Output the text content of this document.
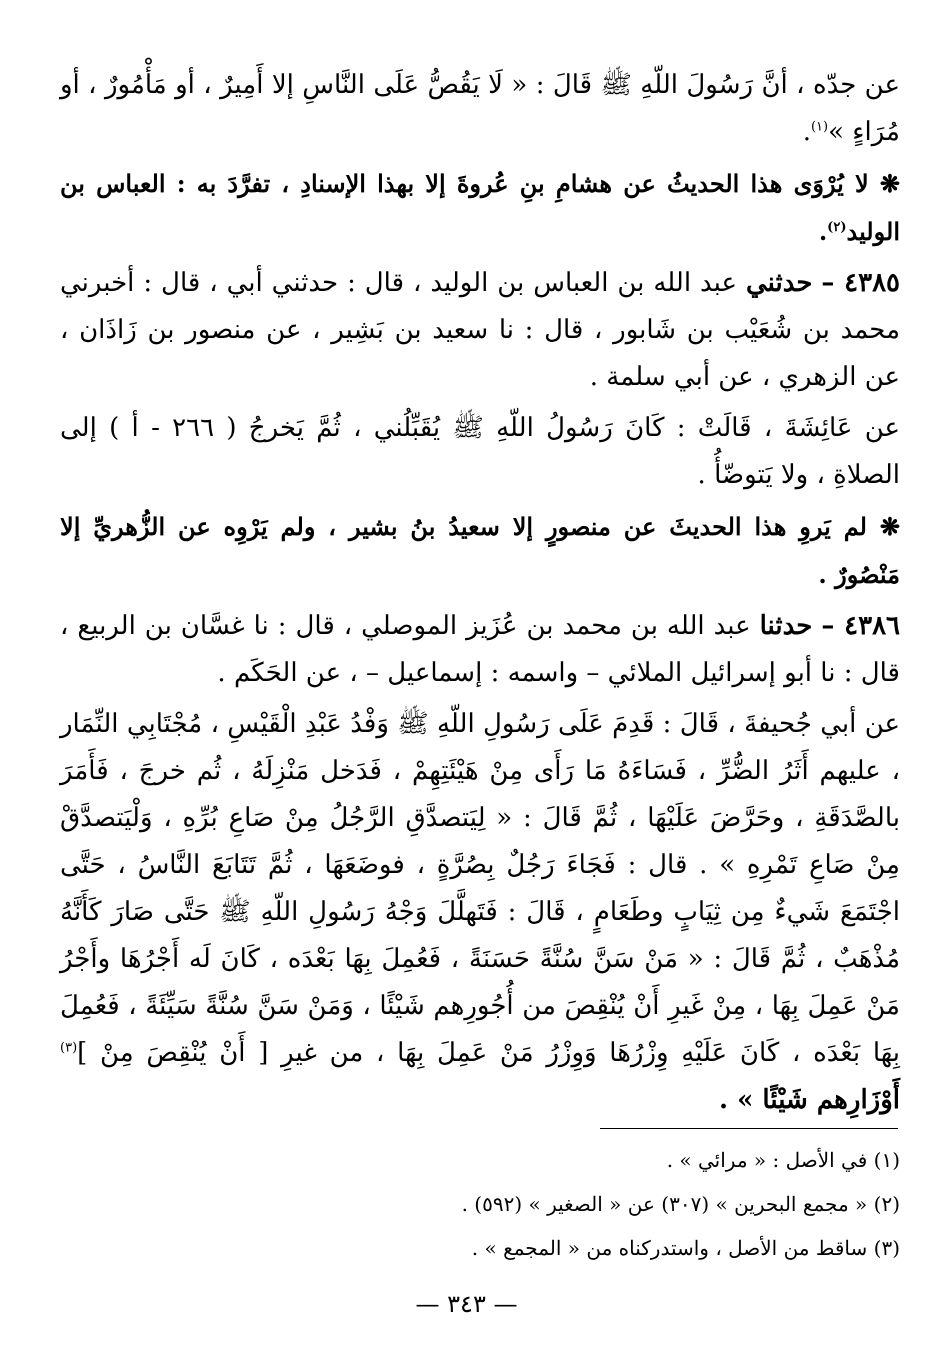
عن جدّه ، أنَّ رَسُولَ اللّهِ ﷺ قَالَ : « لَا يَقُصُّ عَلَى النَّاسِ إلا أَمِيرٌ ، أو مَأْمُورٌ ، أو مُرَاءٍ »$^{(١)}$.

❋ لا يُرْوَى هذا الحديثُ عن هشامِ بنِ عُروةَ إلا بهذا الإسنادِ ، تفرَّدَ به : العباس بن الوليد$^{(٢)}$.

٤٣٨٥ – حدثني عبد الله بن العباس بن الوليد ، قال : حدثني أبي ، قال : أخبرني محمد بن شُعَيْب بن شَابور ، قال : نا سعيد بن بَشِير ، عن منصور بن زَاذَان ، عن الزهري ، عن أبي سلمة .

عن عَائِشَةَ ، قَالَتْ : كَانَ رَسُولُ اللّهِ ﷺ يُقَبِّلُني ، ثُمَّ يَخرجُ ( ٢٦٦ - أ ) إلى الصلاةِ ، ولا يَتوضّأُ .

❋ لم يَروِ هذا الحديثَ عن منصورٍ إلا سعيدُ بنُ بشير ، ولم يَرْوِه عن الزُّهريِّ إلا مَنْصُورٌ .

٤٣٨٦ – حدثنا عبد الله بن محمد بن عُزَيز الموصلي ، قال : نا غسَّان بن الربيع ، قال : نا أبو إسرائيل الملائي – واسمه : إسماعيل – ، عن الحَكَم .

عن أبي جُحيفةَ ، قَالَ : قَدِمَ عَلَى رَسُولِ اللّهِ ﷺ وَفْدُ عَبْدِ الْقَيْسِ ، مُجْتَابِي النِّمَار ، عليهم أَثَرُ الضُّرِّ ، فَسَاءَهُ مَا رَأَى مِنْ هَيْئَتِهِمْ ، فَدَخل مَنْزِلَهُ ، ثُم خرجَ ، فَأَمَرَ بالصَّدَقَةِ ، وحَرَّضَ عَلَيْهَا ، ثُمَّ قَالَ : « لِيَتصدَّقِ الرَّجُلُ مِنْ صَاعِ بُرِّهِ ، وَلْيَتصدَّقْ مِنْ صَاعِ تَمْرِهِ » . قال : فَجَاءَ رَجُلٌ بِصُرَّةٍ ، فوضَعَهَا ، ثُمَّ تَتَابَعَ النَّاسُ ، حَتَّى اجْتَمَعَ شَيءٌ مِن ثِيَابٍ وطَعَامٍ ، قَالَ : فَتَهلَّلَ وَجْهُ رَسُولِ اللّهِ ﷺ حَتَّى صَارَ كَأَنَّهُ مُذْهَبٌ ، ثُمَّ قَالَ : « مَنْ سَنَّ سُنَّةً حَسَنَةً ، فَعُمِلَ بِهَا بَعْدَه ، كَانَ لَه أَجْرُهَا وأَجْرُ مَنْ عَمِلَ بِهَا ، مِنْ غَيرِ أَنْ يُنْقِصَ من أُجُورِهم شَيْئًا ، وَمَنْ سَنَّ سُنَّةً سَيِّئَةً ، فَعُمِلَ بِهَا بَعْدَه ، كَانَ عَلَيْهِ وِزْرُهَا وَوِزْرُ مَنْ عَمِلَ بِهَا ، من غيرِ [ أَنْ يُنْقِصَ مِنْ ]$^{(٣)}$ أَوْزَارِهم شَيْئًا » .

(١) في الأصل : « مرائي » .
(٢) « مجمع البحرين » (٣٠٧) عن « الصغير » (٥٩٢) .
(٣) ساقط من الأصل ، واستدركناه من « المجمع » .
— ٣٤٣ —
